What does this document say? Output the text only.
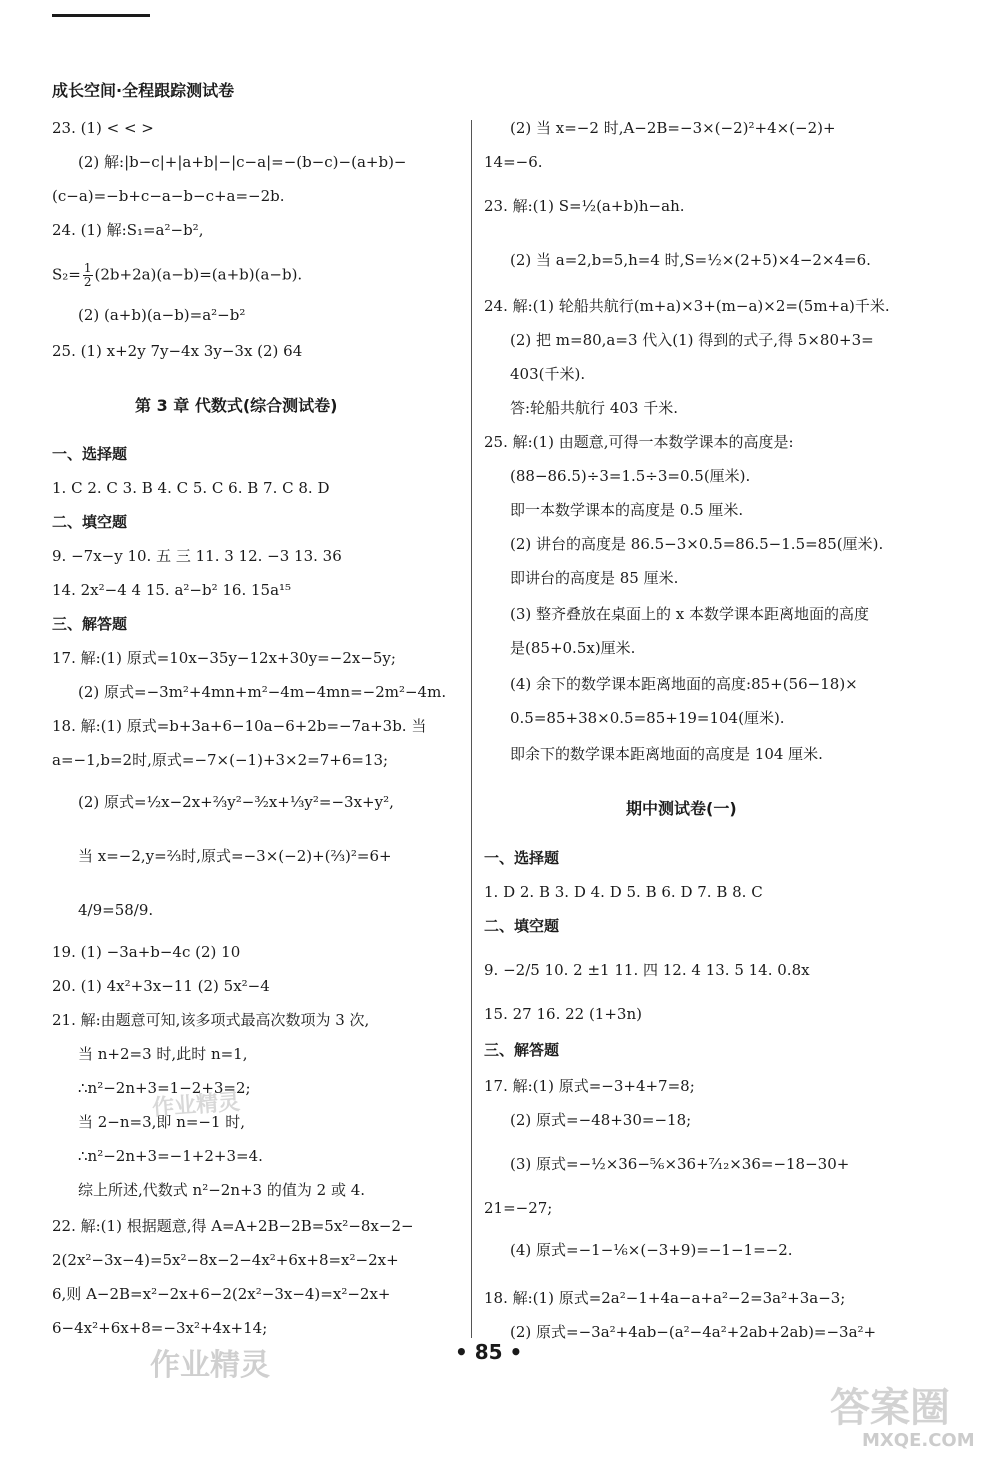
成长空间·全程跟踪测试卷
23. (1) < < >
(2) 解:|b−c|+|a+b|−|c−a|=−(b−c)−(a+b)−
(c−a)=−b+c−a−b−c+a=−2b.
24. (1) 解:S₁=a²−b²,
$S_2= \frac{1}{2} (2b+2a)(a-b)=(a+b)(a-b)$.
(2) (a+b)(a−b)=a²−b²
25. (1) x+2y 7y−4x 3y−3x (2) 64
第 3 章 代数式(综合测试卷)
一、选择题
1. C 2. C 3. B 4. C 5. C 6. B 7. C 8. D
二、填空题
9. −7x−y 10. 五 三 11. 3 12. −3 13. 36
14. 2x²−4 4 15. a²−b² 16. 15a¹⁵
三、解答题
17. 解:(1) 原式=10x−35y−12x+30y=−2x−5y;
(2) 原式=−3m²+4mn+m²−4m−4mn=−2m²−4m.
18. 解:(1) 原式=b+3a+6−10a−6+2b=−7a+3b. 当
a=−1,b=2时,原式=−7×(−1)+3×2=7+6=13;
(2) 原式=½x−2x+⅔y²−³⁄₂x+⅓y²=−3x+y²,
当 x=−2,y=⅔时,原式=−3×(−2)+(⅔)²=6+
4/9=58/9.
19. (1) −3a+b−4c (2) 10
20. (1) 4x²+3x−11 (2) 5x²−4
21. 解:由题意可知,该多项式最高次数项为 3 次,
当 n+2=3 时,此时 n=1,
∴n²−2n+3=1−2+3=2;
当 2−n=3,即 n=−1 时,
∴n²−2n+3=−1+2+3=4.
综上所述,代数式 n²−2n+3 的值为 2 或 4.
22. 解:(1) 根据题意,得 A=A+2B−2B=5x²−8x−2−
2(2x²−3x−4)=5x²−8x−2−4x²+6x+8=x²−2x+
6,则 A−2B=x²−2x+6−2(2x²−3x−4)=x²−2x+
6−4x²+6x+8=−3x²+4x+14;
(2) 当 x=−2 时,A−2B=−3×(−2)²+4×(−2)+
14=−6.
23. 解:(1) S=½(a+b)h−ah.
(2) 当 a=2,b=5,h=4 时,S=½×(2+5)×4−2×4=6.
24. 解:(1) 轮船共航行(m+a)×3+(m−a)×2=(5m+a)千米.
(2) 把 m=80,a=3 代入(1) 得到的式子,得 5×80+3=
403(千米).
答:轮船共航行 403 千米.
25. 解:(1) 由题意,可得一本数学课本的高度是:
(88−86.5)÷3=1.5÷3=0.5(厘米).
即一本数学课本的高度是 0.5 厘米.
(2) 讲台的高度是 86.5−3×0.5=86.5−1.5=85(厘米).
即讲台的高度是 85 厘米.
(3) 整齐叠放在桌面上的 x 本数学课本距离地面的高度
是(85+0.5x)厘米.
(4) 余下的数学课本距离地面的高度:85+(56−18)×
0.5=85+38×0.5=85+19=104(厘米).
即余下的数学课本距离地面的高度是 104 厘米.
期中测试卷(一)
一、选择题
1. D 2. B 3. D 4. D 5. B 6. D 7. B 8. C
二、填空题
9. −2/5 10. 2 ±1 11. 四 12. 4 13. 5 14. 0.8x
15. 27 16. 22 (1+3n)
三、解答题
17. 解:(1) 原式=−3+4+7=8;
(2) 原式=−48+30=−18;
(3) 原式=−½×36−⁵⁄₆×36+⁷⁄₁₂×36=−18−30+
21=−27;
(4) 原式=−1−⅙×(−3+9)=−1−1=−2.
18. 解:(1) 原式=2a²−1+4a−a+a²−2=3a²+3a−3;
(2) 原式=−3a²+4ab−(a²−4a²+2ab+2ab)=−3a²+
• 85 •
作业精灵
作业精灵
答案圈
MXQE.COM
